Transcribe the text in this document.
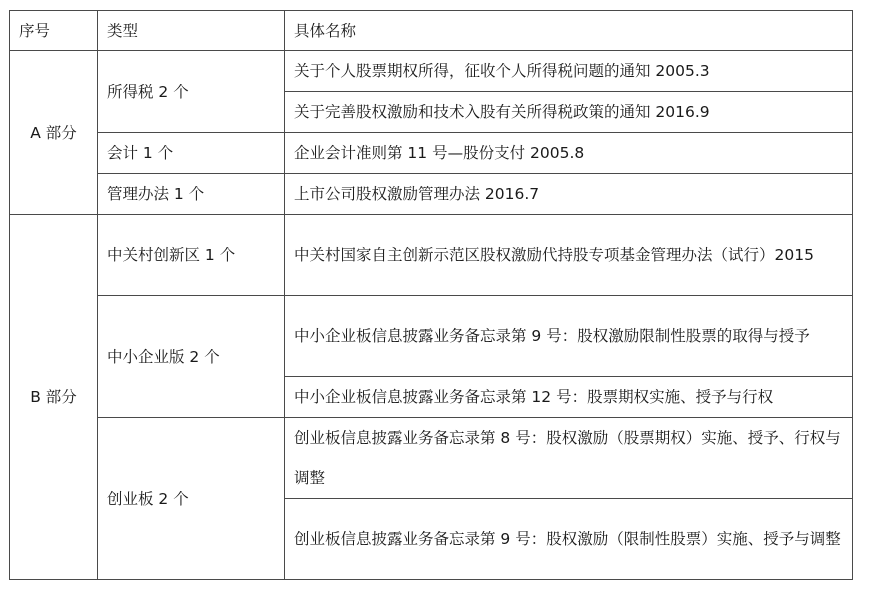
序号	类型	具体名称
A 部分	所得税 2 个	关于个人股票期权所得，征收个人所得税问题的通知 2005.3
		关于完善股权激励和技术入股有关所得税政策的通知 2016.9
	会计 1 个	企业会计准则第 11 号—股份支付 2005.8
	管理办法 1 个	上市公司股权激励管理办法 2016.7
B 部分	中关村创新区 1 个	中关村国家自主创新示范区股权激励代持股专项基金管理办法（试行）2015
	中小企业版 2 个	中小企业板信息披露业务备忘录第 9 号：股权激励限制性股票的取得与授予
		中小企业板信息披露业务备忘录第 12 号：股票期权实施、授予与行权
	创业板 2 个	创业板信息披露业务备忘录第 8 号：股权激励（股票期权）实施、授予、行权与调整
		创业板信息披露业务备忘录第 9 号：股权激励（限制性股票）实施、授予与调整
